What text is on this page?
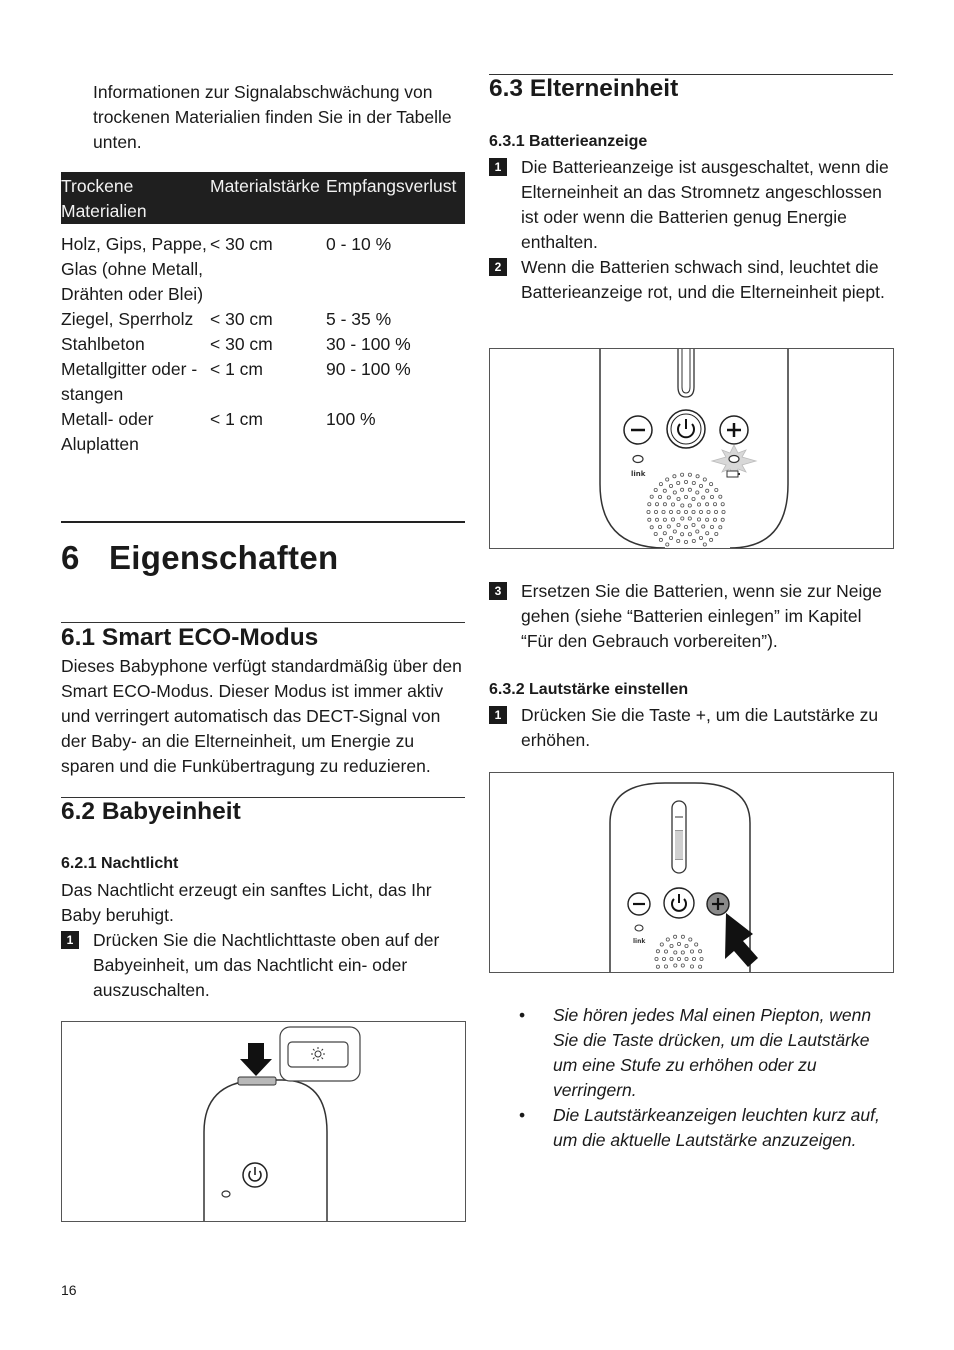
Informationen zur Signalabschwächung von trockenen Materialien finden Sie in der Tabelle unten.

Trockene Materialien	Materialstärke	Empfangsverlust

Holz, Gips, Pappe, Glas (ohne Metall, Drähten oder Blei)	< 30 cm	0 - 10 %
Ziegel, Sperrholz	< 30 cm	5 - 35 %
Stahlbeton	< 30 cm	30 - 100 %
Metallgitter oder -stangen	< 1 cm	90 - 100 %
Metall- oder Aluplatten	< 1 cm	100 %
6 Eigenschaften
6.1 Smart ECO-Modus

Dieses Babyphone verfügt standardmäßig über den Smart ECO-Modus. Dieser Modus ist immer aktiv und verringert automatisch das DECT-Signal von der Baby- an die Elterneinheit, um Energie zu sparen und die Funkübertragung zu reduzieren.

6.2 Babyeinheit
6.2.1 Nachtlicht

Das Nachtlicht erzeugt ein sanftes Licht, das Ihr Baby beruhigt.

1	Drücken Sie die Nachtlichttaste oben auf der Babyeinheit, um das Nachtlicht ein- oder auszuschalten.

6.3 Elterneinheit
6.3.1 Batterieanzeige
1	Die Batterieanzeige ist ausgeschaltet, wenn die Elterneinheit an das Stromnetz angeschlossen ist oder wenn die Batterien genug Energie enthalten.

2	Wenn die Batterien schwach sind, leuchtet die Batterieanzeige rot, und die Elterneinheit piept.

link
3	Ersetzen Sie die Batterien, wenn sie zur Neige gehen (siehe “Batterien einlegen” im Kapitel “Für den Gebrauch vorbereiten”).

6.3.2 Lautstärke einstellen
1	Drücken Sie die Taste +, um die Lautstärke zu erhöhen.

link
• Sie hören jedes Mal einen Piepton, wenn Sie die Taste drücken, um die Lautstärke um eine Stufe zu erhöhen oder zu verringern.
• Die Lautstärkeanzeigen leuchten kurz auf, um die aktuelle Lautstärke anzuzeigen.
16
